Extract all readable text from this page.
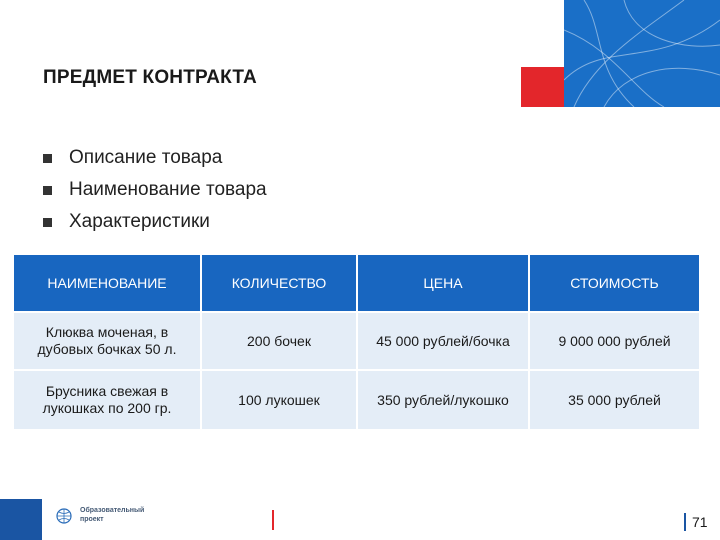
ПРЕДМЕТ КОНТРАКТА
Описание товара
Наименование товара
Характеристики
НАИМЕНОВАНИЕ	КОЛИЧЕСТВО	ЦЕНА	СТОИМОСТЬ
Клюква моченая, в дубовых бочках 50 л.	200 бочек	45 000 рублей/бочка	9 000 000 рублей
Брусника свежая в лукошках по 200 гр.	100 лукошек	350 рублей/лукошко	35 000 рублей
Образовательный
проект	71
